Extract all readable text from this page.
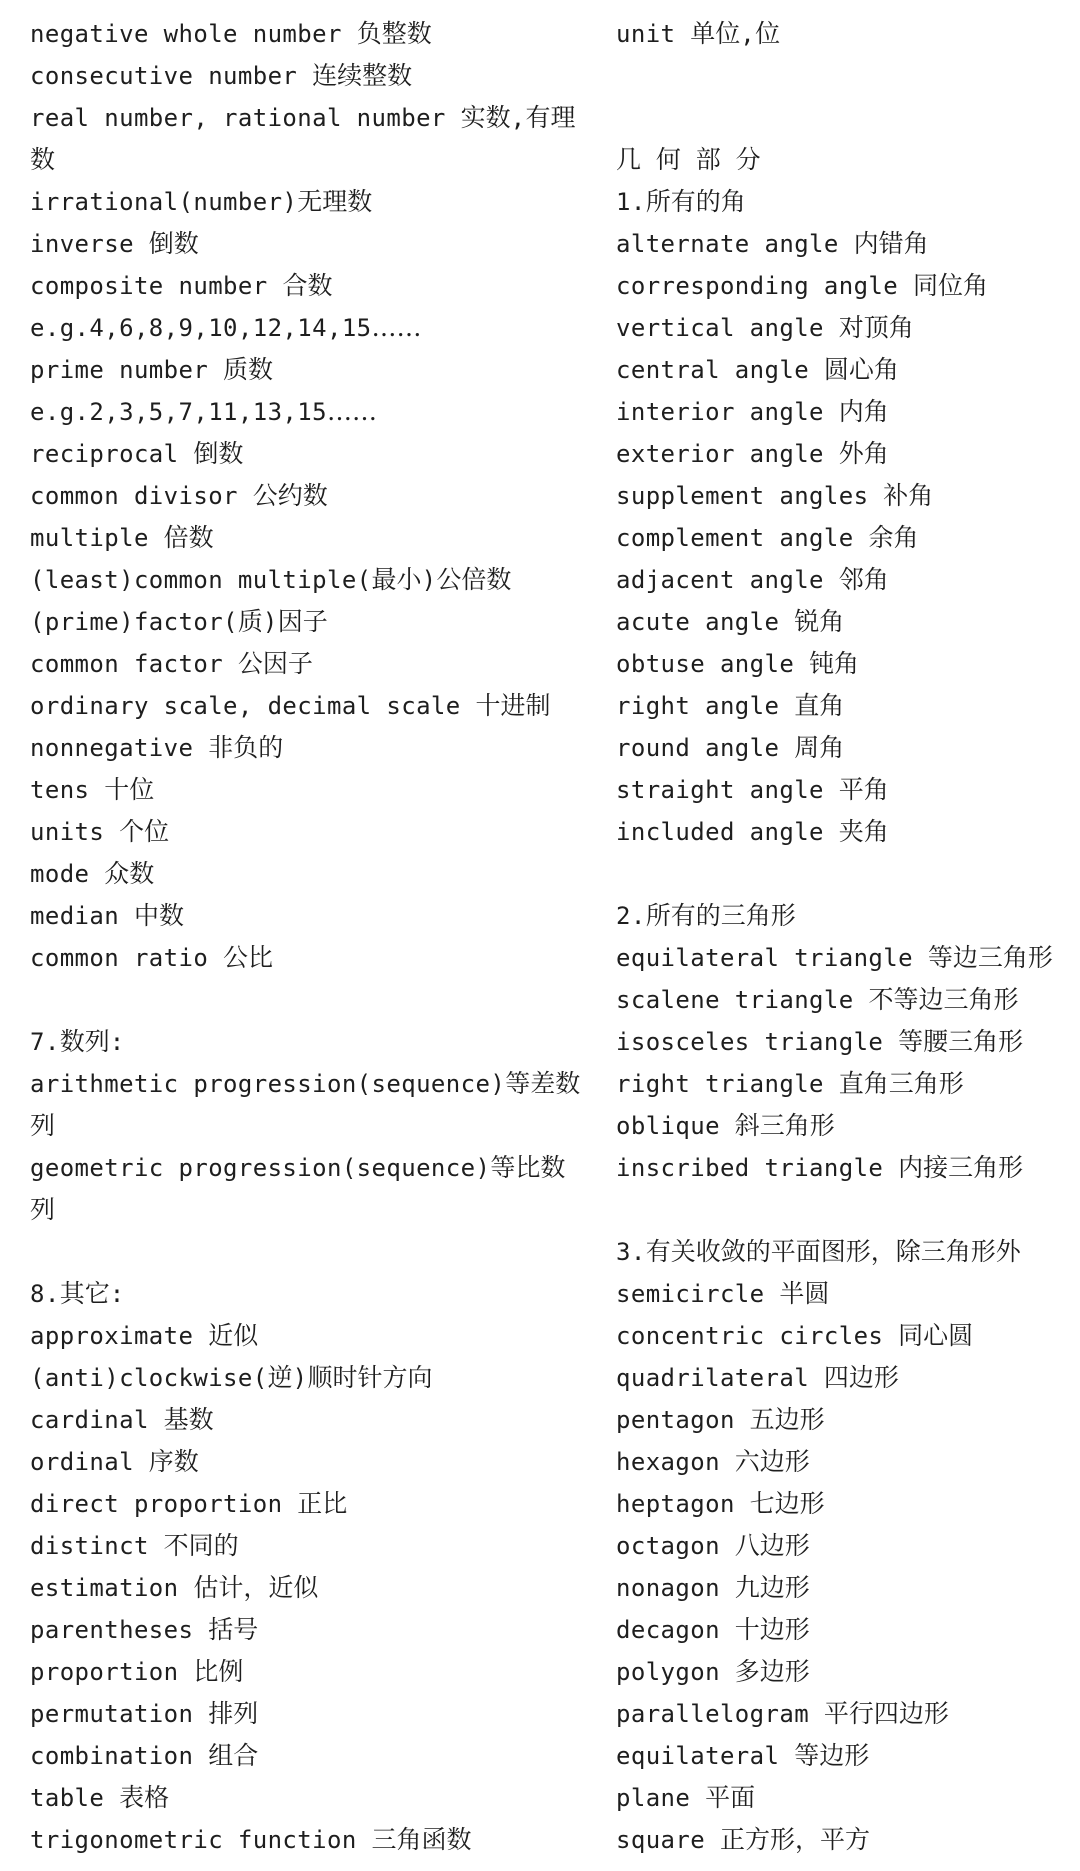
negative whole number 负整数
consecutive number 连续整数
real number, rational number 实数,有理
数
irrational(number)无理数
inverse 倒数
composite number 合数
e.g.4,6,8,9,10,12,14,15……
prime number 质数
e.g.2,3,5,7,11,13,15……
reciprocal 倒数
common divisor 公约数
multiple 倍数
(least)common multiple(最小)公倍数
(prime)factor(质)因子
common factor 公因子
ordinary scale, decimal scale 十进制
nonnegative 非负的
tens 十位
units 个位
mode 众数
median 中数
common ratio 公比
7.数列:
arithmetic progression(sequence)等差数
列
geometric progression(sequence)等比数
列
8.其它:
approximate 近似
(anti)clockwise(逆)顺时针方向
cardinal 基数
ordinal 序数
direct proportion 正比
distinct 不同的
estimation 估计，近似
parentheses 括号
proportion 比例
permutation 排列
combination 组合
table 表格
trigonometric function 三角函数
unit 单位,位
几 何 部 分
1.所有的角
alternate angle 内错角
corresponding angle 同位角
vertical angle 对顶角
central angle 圆心角
interior angle 内角
exterior angle 外角
supplement angles 补角
complement angle 余角
adjacent angle 邻角
acute angle 锐角
obtuse angle 钝角
right angle 直角
round angle 周角
straight angle 平角
included angle 夹角
2.所有的三角形
equilateral triangle 等边三角形
scalene triangle 不等边三角形
isosceles triangle 等腰三角形
right triangle 直角三角形
oblique 斜三角形
inscribed triangle 内接三角形
3.有关收敛的平面图形，除三角形外
semicircle 半圆
concentric circles 同心圆
quadrilateral 四边形
pentagon 五边形
hexagon 六边形
heptagon 七边形
octagon 八边形
nonagon 九边形
decagon 十边形
polygon 多边形
parallelogram 平行四边形
equilateral 等边形
plane 平面
square 正方形，平方
